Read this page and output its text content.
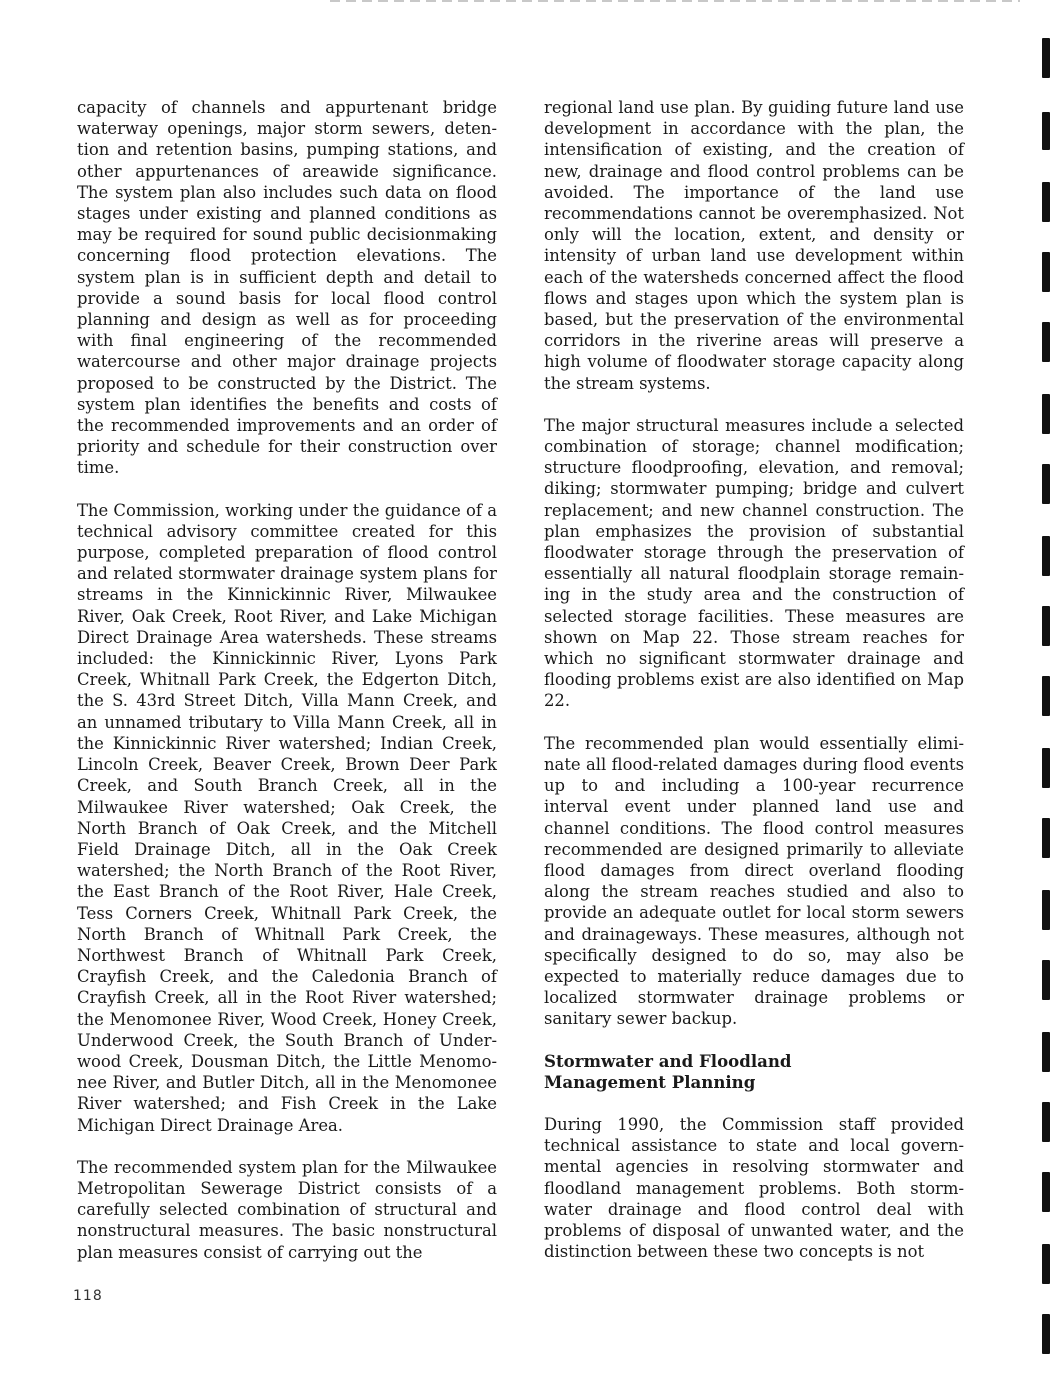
capacity of channels and appurtenant bridge waterway openings, major storm sewers, detention and retention basins, pumping stations, and other appurtenances of areawide significance. The system plan also includes such data on flood stages under existing and planned conditions as may be required for sound public decisionmaking concerning flood protection elevations. The system plan is in sufficient depth and detail to provide a sound basis for local flood control planning and design as well as for proceeding with final engineering of the recommended watercourse and other major drainage projects proposed to be constructed by the District. The system plan identifies the benefits and costs of the recommended improvements and an order of priority and schedule for their construction over time.

The Commission, working under the guidance of a technical advisory committee created for this purpose, completed preparation of flood control and related stormwater drainage system plans for streams in the Kinnickinnic River, Milwaukee River, Oak Creek, Root River, and Lake Michigan Direct Drainage Area watersheds. These streams included: the Kinnickinnic River, Lyons Park Creek, Whitnall Park Creek, the Edgerton Ditch, the S. 43rd Street Ditch, Villa Mann Creek, and an unnamed tributary to Villa Mann Creek, all in the Kinnickinnic River watershed; Indian Creek, Lincoln Creek, Beaver Creek, Brown Deer Park Creek, and South Branch Creek, all in the Milwaukee River watershed; Oak Creek, the North Branch of Oak Creek, and the Mitchell Field Drainage Ditch, all in the Oak Creek watershed; the North Branch of the Root River, the East Branch of the Root River, Hale Creek, Tess Corners Creek, Whitnall Park Creek, the North Branch of Whitnall Park Creek, the Northwest Branch of Whitnall Park Creek, Crayfish Creek, and the Caledonia Branch of Crayfish Creek, all in the Root River watershed; the Menomonee River, Wood Creek, Honey Creek, Underwood Creek, the South Branch of Underwood Creek, Dousman Ditch, the Little Menomonee River, and Butler Ditch, all in the Menomonee River watershed; and Fish Creek in the Lake Michigan Direct Drainage Area.

The recommended system plan for the Milwaukee Metropolitan Sewerage District consists of a carefully selected combination of structural and nonstructural measures. The basic nonstructural plan measures consist of carrying out the

regional land use plan. By guiding future land use development in accordance with the plan, the intensification of existing, and the creation of new, drainage and flood control problems can be avoided. The importance of the land use recommendations cannot be overemphasized. Not only will the location, extent, and density or intensity of urban land use development within each of the watersheds concerned affect the flood flows and stages upon which the system plan is based, but the preservation of the environmental corridors in the riverine areas will preserve a high volume of floodwater storage capacity along the stream systems.

The major structural measures include a selected combination of storage; channel modification; structure floodproofing, elevation, and removal; diking; stormwater pumping; bridge and culvert replacement; and new channel construction. The plan emphasizes the provision of substantial floodwater storage through the preservation of essentially all natural floodplain storage remaining in the study area and the construction of selected storage facilities. These measures are shown on Map 22. Those stream reaches for which no significant stormwater drainage and flooding problems exist are also identified on Map 22.

The recommended plan would essentially eliminate all flood-related damages during flood events up to and including a 100-year recurrence interval event under planned land use and channel conditions. The flood control measures recommended are designed primarily to alleviate flood damages from direct overland flooding along the stream reaches studied and also to provide an adequate outlet for local storm sewers and drainageways. These measures, although not specifically designed to do so, may also be expected to materially reduce damages due to localized stormwater drainage problems or sanitary sewer backup.

Stormwater and Floodland
Management Planning

During 1990, the Commission staff provided technical assistance to state and local governmental agencies in resolving stormwater and floodland management problems. Both stormwater drainage and flood control deal with problems of disposal of unwanted water, and the distinction between these two concepts is not

118
